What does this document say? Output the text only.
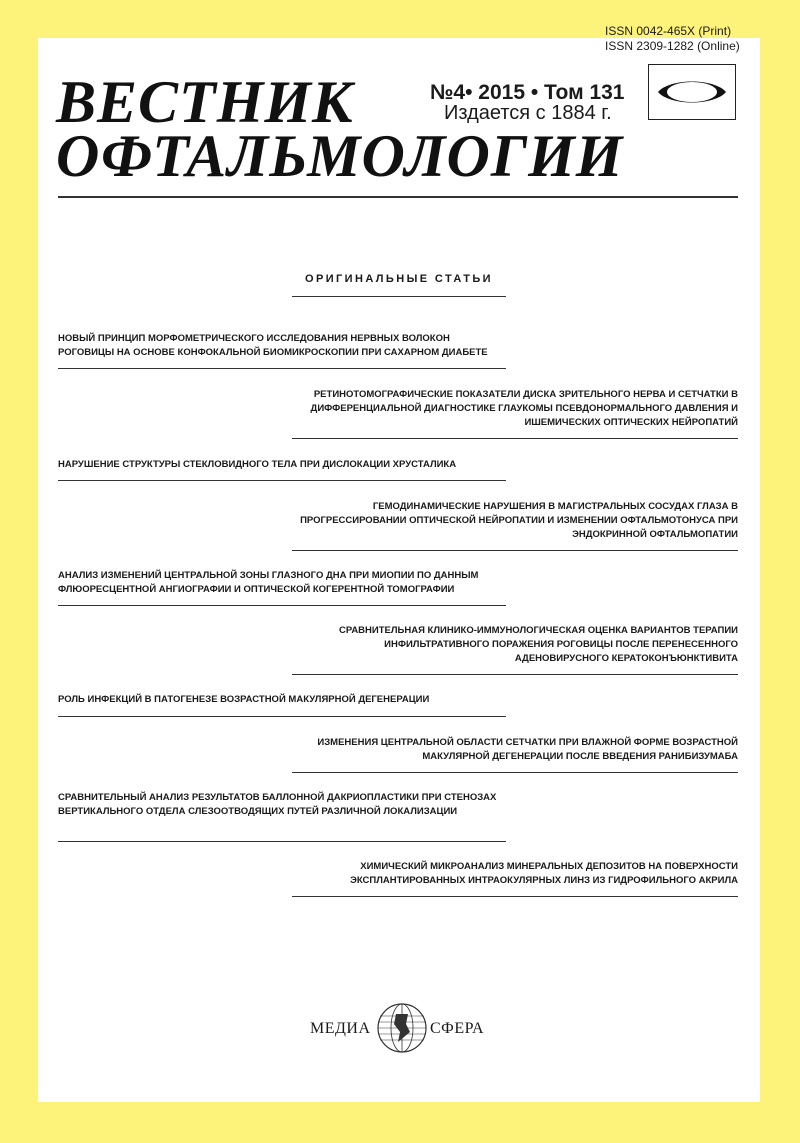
ISSN 0042-465X (Print)
ISSN 2309-1282 (Online)
ВЕСТНИК
ОФТАЛЬМОЛОГИИ
№4• 2015 • Том 131
Издается с 1884 г.
ОРИГИНАЛЬНЫЕ СТАТЬИ
НОВЫЙ ПРИНЦИП МОРФОМЕТРИЧЕСКОГО ИССЛЕДОВАНИЯ НЕРВНЫХ ВОЛОКОН РОГОВИЦЫ НА ОСНОВЕ КОНФОКАЛЬНОЙ БИОМИКРОСКОПИИ ПРИ САХАРНОМ ДИАБЕТЕ
РЕТИНОТОМОГРАФИЧЕСКИЕ ПОКАЗАТЕЛИ ДИСКА ЗРИТЕЛЬНОГО НЕРВА И СЕТЧАТКИ В ДИФФЕРЕНЦИАЛЬНОЙ ДИАГНОСТИКЕ ГЛАУКОМЫ ПСЕВДОНОРМАЛЬНОГО ДАВЛЕНИЯ И ИШЕМИЧЕСКИХ ОПТИЧЕСКИХ НЕЙРОПАТИЙ
НАРУШЕНИЕ СТРУКТУРЫ СТЕКЛОВИДНОГО ТЕЛА ПРИ ДИСЛОКАЦИИ ХРУСТАЛИКА
ГЕМОДИНАМИЧЕСКИЕ НАРУШЕНИЯ В МАГИСТРАЛЬНЫХ СОСУДАХ ГЛАЗА В ПРОГРЕССИРОВАНИИ ОПТИЧЕСКОЙ НЕЙРОПАТИИ И ИЗМЕНЕНИИ ОФТАЛЬМОТОНУСА ПРИ ЭНДОКРИННОЙ ОФТАЛЬМОПАТИИ
АНАЛИЗ ИЗМЕНЕНИЙ ЦЕНТРАЛЬНОЙ ЗОНЫ ГЛАЗНОГО ДНА ПРИ МИОПИИ ПО ДАННЫМ ФЛЮОРЕСЦЕНТНОЙ АНГИОГРАФИИ И ОПТИЧЕСКОЙ КОГЕРЕНТНОЙ ТОМОГРАФИИ
СРАВНИТЕЛЬНАЯ КЛИНИКО-ИММУНОЛОГИЧЕСКАЯ ОЦЕНКА ВАРИАНТОВ ТЕРАПИИ ИНФИЛЬТРАТИВНОГО ПОРАЖЕНИЯ РОГОВИЦЫ ПОСЛЕ ПЕРЕНЕСЕННОГО АДЕНОВИРУСНОГО КЕРАТОКОНЪЮНКТИВИТА
РОЛЬ ИНФЕКЦИЙ В ПАТОГЕНЕЗЕ ВОЗРАСТНОЙ МАКУЛЯРНОЙ ДЕГЕНЕРАЦИИ
ИЗМЕНЕНИЯ ЦЕНТРАЛЬНОЙ ОБЛАСТИ СЕТЧАТКИ ПРИ ВЛАЖНОЙ ФОРМЕ ВОЗРАСТНОЙ МАКУЛЯРНОЙ ДЕГЕНЕРАЦИИ ПОСЛЕ ВВЕДЕНИЯ РАНИБИЗУМАБА
СРАВНИТЕЛЬНЫЙ АНАЛИЗ РЕЗУЛЬТАТОВ БАЛЛОННОЙ ДАКРИОПЛАСТИКИ ПРИ СТЕНОЗАХ ВЕРТИКАЛЬНОГО ОТДЕЛА СЛЕЗООТВОДЯЩИХ ПУТЕЙ РАЗЛИЧНОЙ ЛОКАЛИЗАЦИИ
ХИМИЧЕСКИЙ МИКРОАНАЛИЗ МИНЕРАЛЬНЫХ ДЕПОЗИТОВ НА ПОВЕРХНОСТИ ЭКСПЛАНТИРОВАННЫХ ИНТРАОКУЛЯРНЫХ ЛИНЗ ИЗ ГИДРОФИЛЬНОГО АКРИЛА
МЕДИА	СФЕРА
